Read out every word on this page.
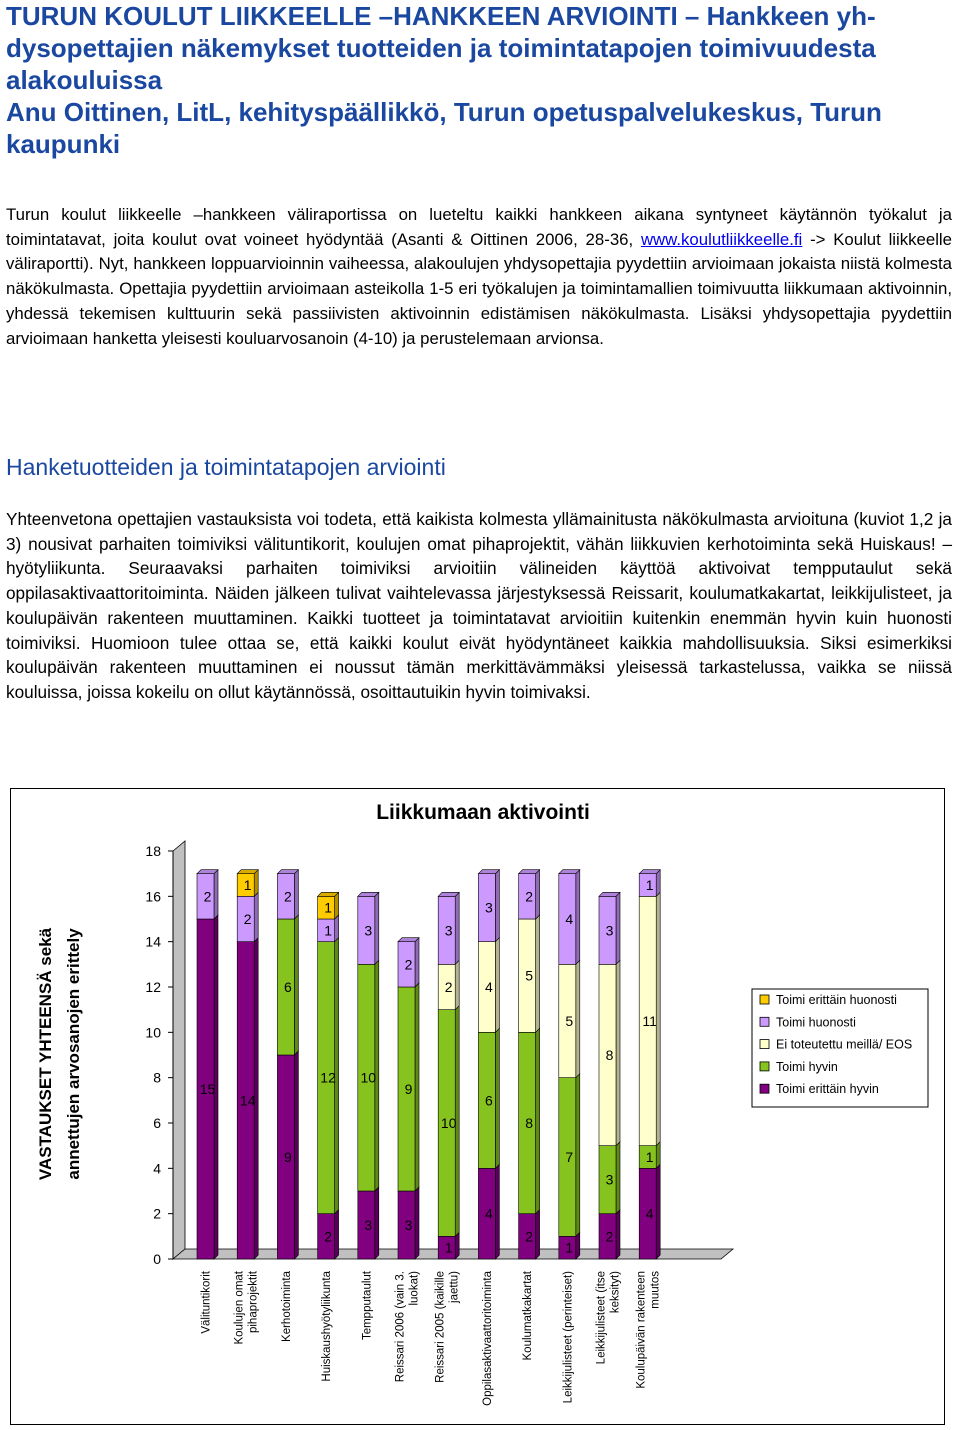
TURUN KOULUT LIIKKEELLE –HANKKEEN ARVIOINTI – Hankkeen yh-
dysopettajien näkemykset tuotteiden ja toimintatapojen toimivuudesta
alakouluissa
Anu Oittinen, LitL, kehityspäällikkö, Turun opetuspalvelukeskus, Turun
kaupunki

Turun koulut liikkeelle –hankkeen väliraportissa on lueteltu kaikki hankkeen aikana syntyneet käytännön työkalut ja toimintatavat, joita koulut ovat voineet hyödyntää (Asanti & Oittinen 2006, 28-36, www.koulutliikkeelle.fi -> Koulut liikkeelle väliraportti). Nyt, hankkeen loppuarvioinnin vaiheessa, alakoulujen yhdysopettajia pyydettiin arvioimaan jokaista niistä kolmesta näkökulmasta. Opettajia pyydettiin arvioimaan asteikolla 1-5 eri työkalujen ja toimintamallien toimivuutta liikkumaan aktivoinnin, yhdessä tekemisen kulttuurin sekä passiivisten aktivoinnin edistämisen näkökulmasta. Lisäksi yhdysopettajia pyydettiin arvioimaan hanketta yleisesti kouluarvosanoin (4-10) ja perustelemaan arvionsa.

Hanketuotteiden ja toimintatapojen arviointi

Yhteenvetona opettajien vastauksista voi todeta, että kaikista kolmesta yllämainitusta näkökulmasta arvioituna (kuviot 1,2 ja 3) nousivat parhaiten toimiviksi välituntikorit, koulujen omat pihaprojektit, vähän liikkuvien kerhotoiminta sekä Huiskaus! –hyötyliikunta. Seuraavaksi parhaiten toimiviksi arvioitiin välineiden käyttöä aktivoivat tempputaulut sekä oppilasaktivaattoritoiminta. Näiden jälkeen tulivat vaihtelevassa järjestyksessä Reissarit, koulumatkakartat, leikkijulisteet, ja koulupäivän rakenteen muuttaminen. Kaikki tuotteet ja toimintatavat arvioitiin kuitenkin enemmän hyvin kuin huonosti toimiviksi. Huomioon tulee ottaa se, että kaikki koulut eivät hyödyntäneet kaikkia mahdollisuuksia. Siksi esimerkiksi koulupäivän rakenteen muuttaminen ei noussut tämän merkittävämmäksi yleisessä tarkastelussa, vaikka se niissä kouluissa, joissa kokeilu on ollut käytännössä, osoittautuikin hyvin toimivaksi.

Liikkumaan aktivointi
VASTAUKSET YHTEENSÄ sekä annettujen arvosanojen erittely
0
2
4
6
8
10
12
14
16
18
15
2
14
2
1
9
6
2
2
12
1
1
3
10
3
3
9
2
1
10
2
3
4
6
4
3
2
8
5
2
1
7
5
4
2
3
8
3
4
1
11
1
Välituntikorit Koulujen omat pihaprojektit Kerhotoiminta Huiskaushyötyliikunta Tempputaulut Reissari 2006 (vain 3. luokat) Reissari 2005 (kaikille jaettu) Oppilasaktivaattoritoiminta Koulumatkakartat Leikkijulisteet (perinteiset) Leikkijulisteet (itse keksityt) Koulupäivän rakenteen muutos
Toimi erittäin huonosti
Toimi huonosti
Ei toteutettu meillä/ EOS
Toimi hyvin
Toimi erittäin hyvin
